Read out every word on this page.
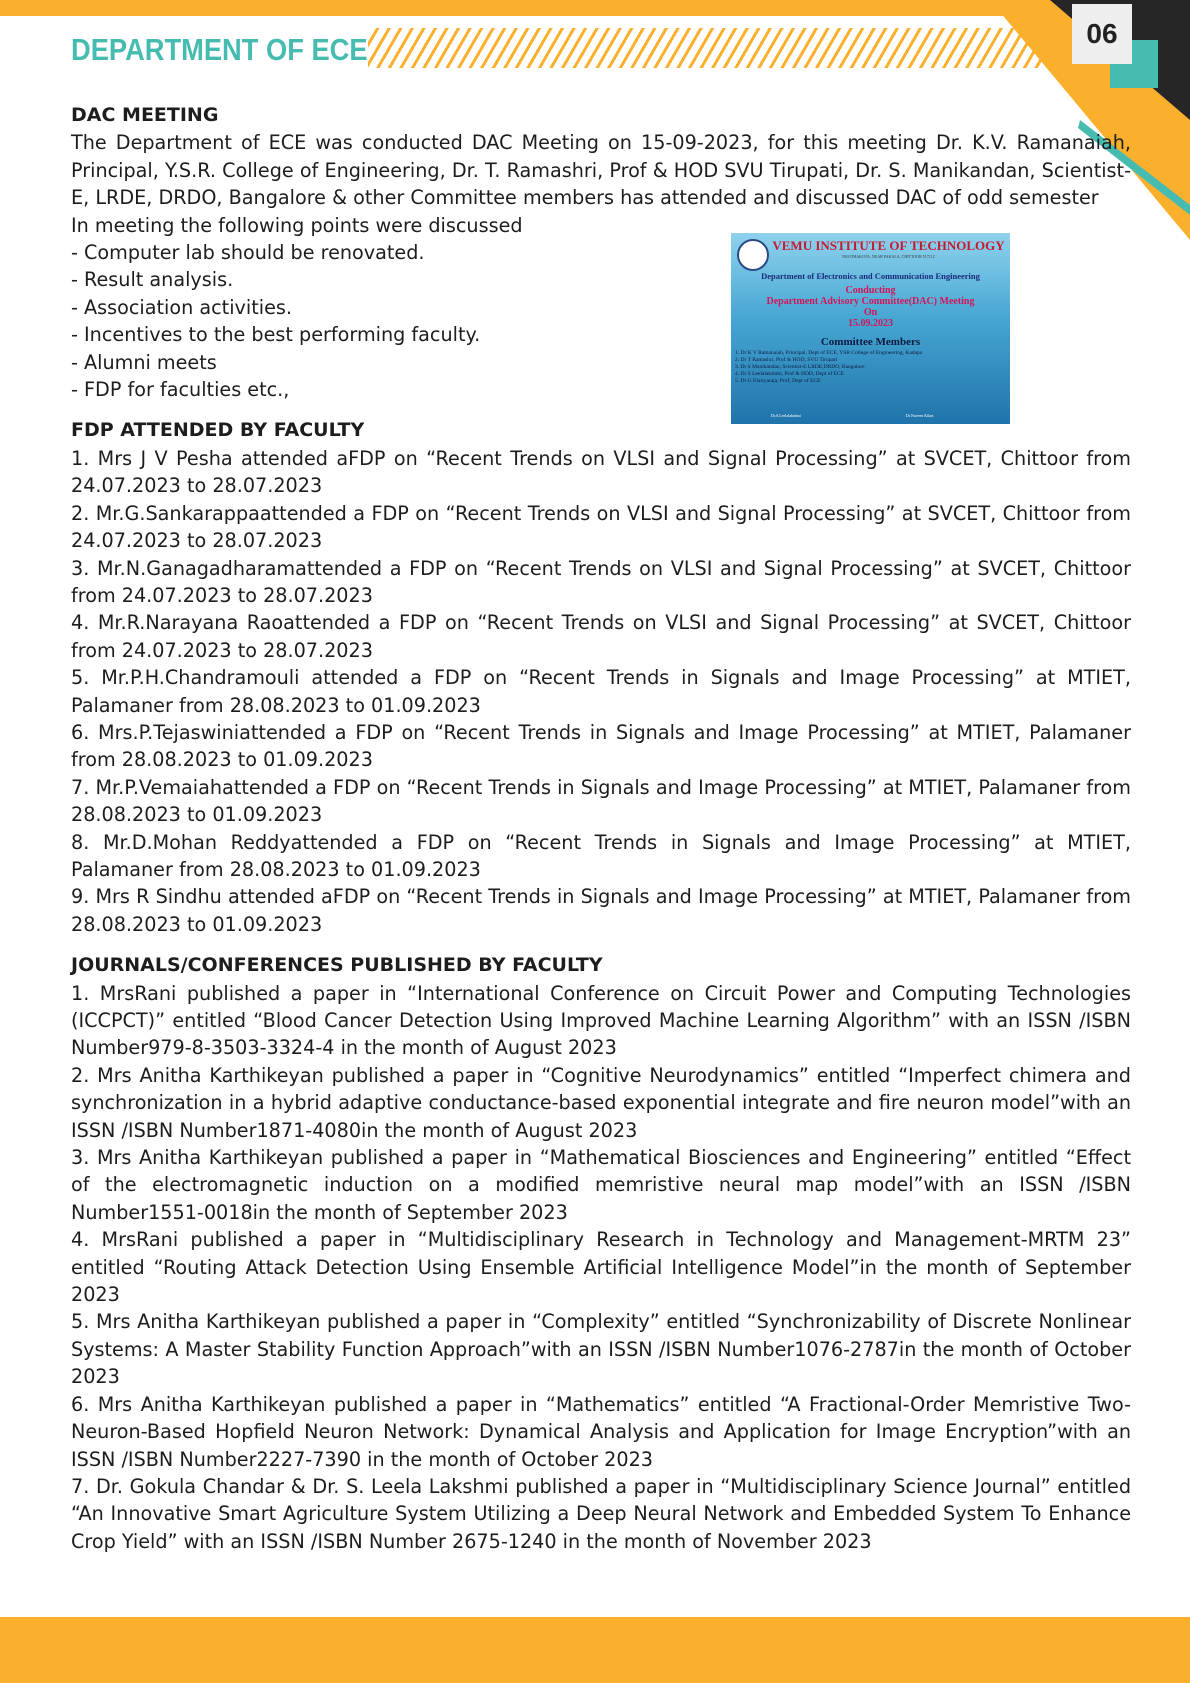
06
DEPARTMENT OF ECE
DAC MEETING

The Department of ECE was conducted DAC Meeting on 15-09-2023, for this meeting Dr. K.V. Ramanaiah, Principal, Y.S.R. College of Engineering, Dr. T. Ramashri, Prof & HOD SVU Tirupati, Dr. S. Manikandan, Scientist-E, LRDE, DRDO, Bangalore & other Committee members has attended and discussed DAC of odd semester

In meeting the following points were discussed

- Computer lab should be renovated.
- Result analysis.
- Association activities.
- Incentives to the best performing faculty.
- Alumni meets
- FDP for faculties etc.,
FDP ATTENDED BY FACULTY
1. Mrs J V Pesha attended aFDP on “Recent Trends on VLSI and Signal Processing” at SVCET, Chittoor from 24.07.2023 to 28.07.2023
2. Mr.G.Sankarappaattended a FDP on “Recent Trends on VLSI and Signal Processing” at SVCET, Chittoor from 24.07.2023 to 28.07.2023
3. Mr.N.Ganagadharamattended a FDP on “Recent Trends on VLSI and Signal Processing” at SVCET, Chittoor from 24.07.2023 to 28.07.2023
4. Mr.R.Narayana Raoattended a FDP on “Recent Trends on VLSI and Signal Processing” at SVCET, Chittoor from 24.07.2023 to 28.07.2023
5. Mr.P.H.Chandramouli attended a FDP on “Recent Trends in Signals and Image Processing” at MTIET, Palamaner from 28.08.2023 to 01.09.2023
6. Mrs.P.Tejaswiniattended a FDP on “Recent Trends in Signals and Image Processing” at MTIET, Palamaner from 28.08.2023 to 01.09.2023
7. Mr.P.Vemaiahattended a FDP on “Recent Trends in Signals and Image Processing” at MTIET, Palamaner from 28.08.2023 to 01.09.2023
8. Mr.D.Mohan Reddyattended a FDP on “Recent Trends in Signals and Image Processing” at MTIET, Palamaner from 28.08.2023 to 01.09.2023
9. Mrs R Sindhu attended aFDP on “Recent Trends in Signals and Image Processing” at MTIET, Palamaner from 28.08.2023 to 01.09.2023
JOURNALS/CONFERENCES PUBLISHED BY FACULTY
1. MrsRani published a paper in “International Conference on Circuit Power and Computing Technologies (ICCPCT)” entitled “Blood Cancer Detection Using Improved Machine Learning Algorithm” with an ISSN /ISBN Number979-8-3503-3324-4 in the month of August 2023
2. Mrs Anitha Karthikeyan published a paper in “Cognitive Neurodynamics” entitled “Imperfect chimera and synchronization in a hybrid adaptive conductance-based exponential integrate and fire neuron model”with an ISSN /ISBN Number1871-4080in the month of August 2023
3. Mrs Anitha Karthikeyan published a paper in “Mathematical Biosciences and Engineering” entitled “Effect of the electromagnetic induction on a modified memristive neural map model”with an ISSN /ISBN Number1551-0018in the month of September 2023
4. MrsRani published a paper in “Multidisciplinary Research in Technology and Management-MRTM 23” entitled “Routing Attack Detection Using Ensemble Artificial Intelligence Model”in the month of September 2023
5. Mrs Anitha Karthikeyan published a paper in “Complexity” entitled “Synchronizability of Discrete Nonlinear Systems: A Master Stability Function Approach”with an ISSN /ISBN Number1076-2787in the month of October 2023
6. Mrs Anitha Karthikeyan published a paper in “Mathematics” entitled “A Fractional-Order Memristive Two-Neuron-Based Hopfield Neuron Network: Dynamical Analysis and Application for Image Encryption”with an ISSN /ISBN Number2227-7390 in the month of October 2023
7. Dr. Gokula Chandar & Dr. S. Leela Lakshmi published a paper in “Multidisciplinary Science Journal” entitled “An Innovative Smart Agriculture System Utilizing a Deep Neural Network and Embedded System To Enhance Crop Yield” with an ISSN /ISBN Number 2675-1240 in the month of November 2023
VEMU INSTITUTE OF TECHNOLOGY
P.KOTHAKOTA, NEAR PAKALA, CHITTOOR 517112
Department of Electronics and Communication Engineering
Conducting
Department Advisory Committee(DAC) Meeting
On
15.09.2023
Committee Members
1. Dr K V Ramanaiah, Principal, Dept of ECE, YSR College of Engineering, Kadapa
2. Dr T Ramashri, Prof & HOD, SVU Tirupati
3. Dr S Manikandan, Scientist-E LRDE,DRDO, Bangalore
4. Dr S Leelalakshmi, Prof & HOD, Dept of ECE
5. Dr G Elairyaraja, Prof, Dept of ECE
Dr.S.Leelalakshmi	Dr.Naveen Kilari
